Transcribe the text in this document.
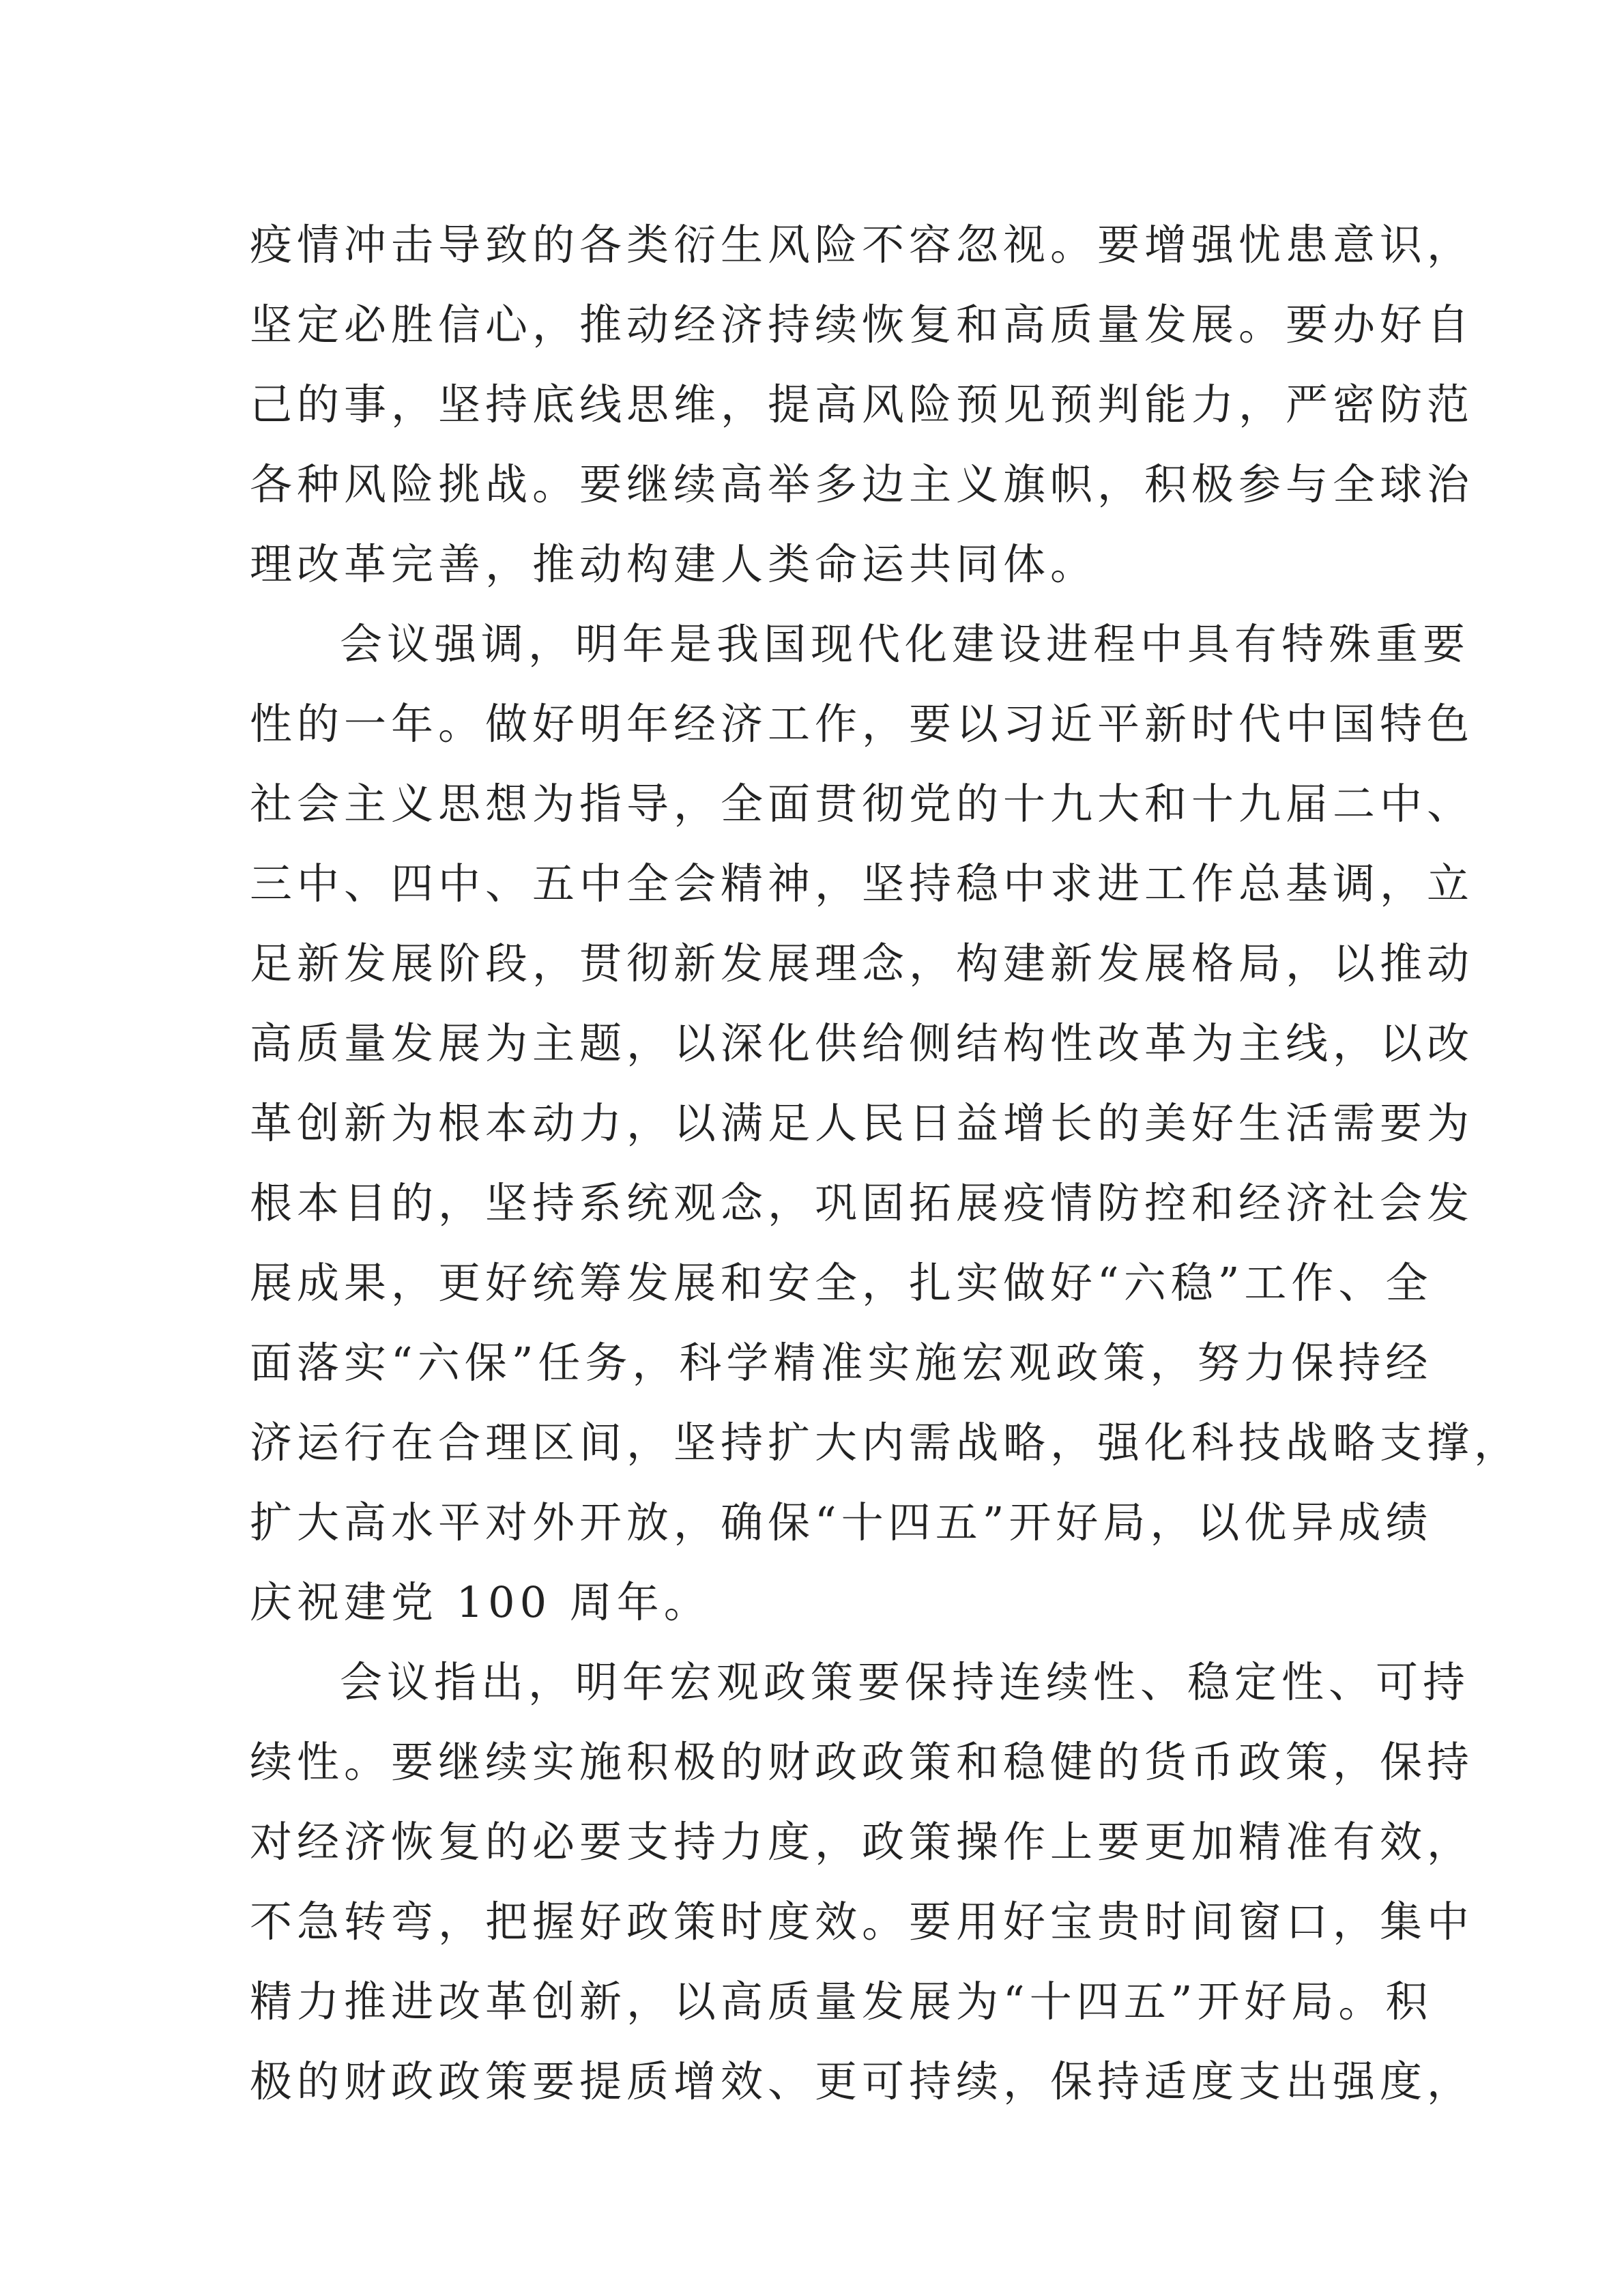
疫情冲击导致的各类衍生风险不容忽视。要增强忧患意识，
坚定必胜信心，推动经济持续恢复和高质量发展。要办好自
己的事，坚持底线思维，提高风险预见预判能力，严密防范
各种风险挑战。要继续高举多边主义旗帜，积极参与全球治
理改革完善，推动构建人类命运共同体。
会议强调，明年是我国现代化建设进程中具有特殊重要
性的一年。做好明年经济工作，要以习近平新时代中国特色
社会主义思想为指导，全面贯彻党的十九大和十九届二中、
三中、四中、五中全会精神，坚持稳中求进工作总基调，立
足新发展阶段，贯彻新发展理念，构建新发展格局，以推动
高质量发展为主题，以深化供给侧结构性改革为主线，以改
革创新为根本动力，以满足人民日益增长的美好生活需要为
根本目的，坚持系统观念，巩固拓展疫情防控和经济社会发
展成果，更好统筹发展和安全，扎实做好“六稳”工作、全
面落实“六保”任务，科学精准实施宏观政策，努力保持经
济运行在合理区间，坚持扩大内需战略，强化科技战略支撑，
扩大高水平对外开放，确保“十四五”开好局，以优异成绩
庆祝建党 100 周年。
会议指出，明年宏观政策要保持连续性、稳定性、可持
续性。要继续实施积极的财政政策和稳健的货币政策，保持
对经济恢复的必要支持力度，政策操作上要更加精准有效，
不急转弯，把握好政策时度效。要用好宝贵时间窗口，集中
精力推进改革创新，以高质量发展为“十四五”开好局。积
极的财政政策要提质增效、更可持续，保持适度支出强度，
